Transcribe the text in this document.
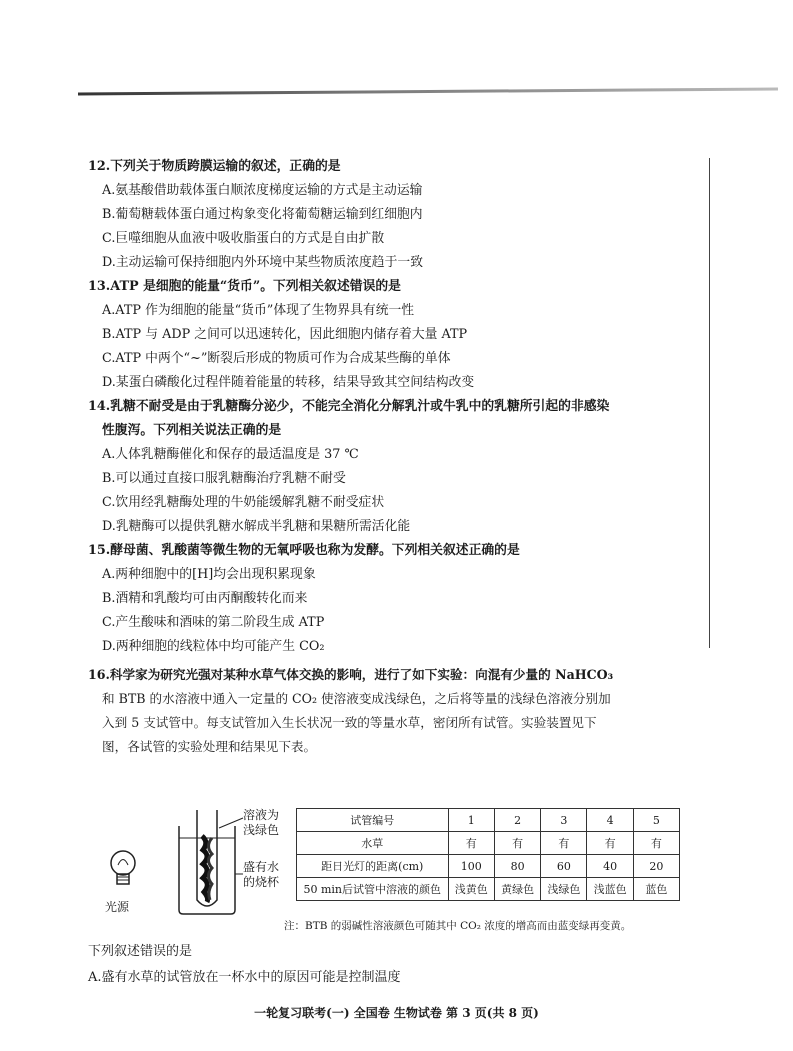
12.下列关于物质跨膜运输的叙述，正确的是
A.氨基酸借助载体蛋白顺浓度梯度运输的方式是主动运输
B.葡萄糖载体蛋白通过构象变化将葡萄糖运输到红细胞内
C.巨噬细胞从血液中吸收脂蛋白的方式是自由扩散
D.主动运输可保持细胞内外环境中某些物质浓度趋于一致
13.ATP 是细胞的能量“货币”。下列相关叙述错误的是
A.ATP 作为细胞的能量“货币”体现了生物界具有统一性
B.ATP 与 ADP 之间可以迅速转化，因此细胞内储存着大量 ATP
C.ATP 中两个“~”断裂后形成的物质可作为合成某些酶的单体
D.某蛋白磷酸化过程伴随着能量的转移，结果导致其空间结构改变
14.乳糖不耐受是由于乳糖酶分泌少，不能完全消化分解乳汁或牛乳中的乳糖所引起的非感染
性腹泻。下列相关说法正确的是
A.人体乳糖酶催化和保存的最适温度是 37 ℃
B.可以通过直接口服乳糖酶治疗乳糖不耐受
C.饮用经乳糖酶处理的牛奶能缓解乳糖不耐受症状
D.乳糖酶可以提供乳糖水解成半乳糖和果糖所需活化能
15.酵母菌、乳酸菌等微生物的无氧呼吸也称为发酵。下列相关叙述正确的是
A.两种细胞中的[H]均会出现积累现象
B.酒精和乳酸均可由丙酮酸转化而来
C.产生酸味和酒味的第二阶段生成 ATP
D.两种细胞的线粒体中均可能产生 CO₂
16.科学家为研究光强对某种水草气体交换的影响，进行了如下实验：向混有少量的 NaHCO₃
和 BTB 的水溶液中通入一定量的 CO₂ 使溶液变成浅绿色，之后将等量的浅绿色溶液分别加
入到 5 支试管中。每支试管加入生长状况一致的等量水草，密闭所有试管。实验装置见下
图，各试管的实验处理和结果见下表。
光源
溶液为
浅绿色
盛有水
的烧杯
试管编号	1	2	3	4	5
水草	有	有	有	有	有
距日光灯的距离(cm)	100	80	60	40	20
50 min后试管中溶液的颜色	浅黄色	黄绿色	浅绿色	浅蓝色	蓝色
注：BTB 的弱碱性溶液颜色可随其中 CO₂ 浓度的增高而由蓝变绿再变黄。
下列叙述错误的是
A.盛有水草的试管放在一杯水中的原因可能是控制温度
一轮复习联考(一) 全国卷 生物试卷 第 3 页(共 8 页)
